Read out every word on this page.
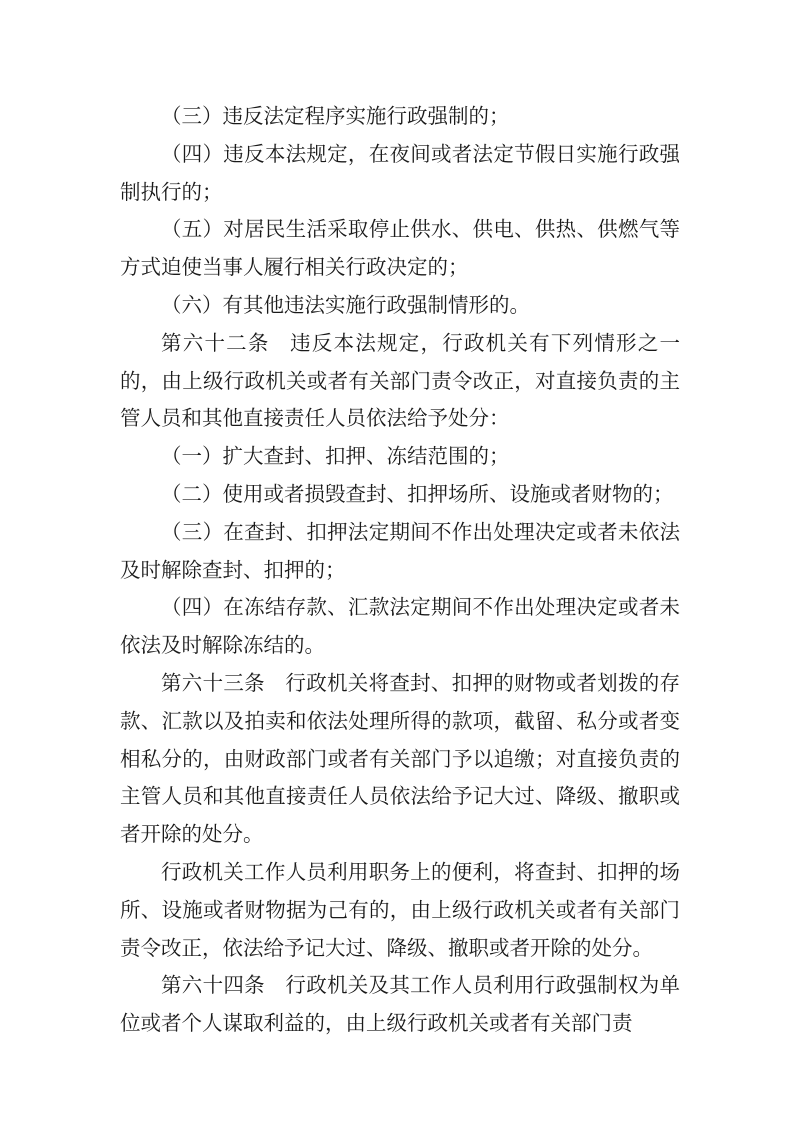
（三）违反法定程序实施行政强制的；

（四）违反本法规定，在夜间或者法定节假日实施行政强制执行的；

（五）对居民生活采取停止供水、供电、供热、供燃气等方式迫使当事人履行相关行政决定的；

（六）有其他违法实施行政强制情形的。

第六十二条 违反本法规定，行政机关有下列情形之一的，由上级行政机关或者有关部门责令改正，对直接负责的主管人员和其他直接责任人员依法给予处分：

（一）扩大查封、扣押、冻结范围的；

（二）使用或者损毁查封、扣押场所、设施或者财物的；

（三）在查封、扣押法定期间不作出处理决定或者未依法及时解除查封、扣押的；

（四）在冻结存款、汇款法定期间不作出处理决定或者未依法及时解除冻结的。

第六十三条 行政机关将查封、扣押的财物或者划拨的存款、汇款以及拍卖和依法处理所得的款项，截留、私分或者变相私分的，由财政部门或者有关部门予以追缴；对直接负责的主管人员和其他直接责任人员依法给予记大过、降级、撤职或者开除的处分。

行政机关工作人员利用职务上的便利，将查封、扣押的场所、设施或者财物据为己有的，由上级行政机关或者有关部门责令改正，依法给予记大过、降级、撤职或者开除的处分。

第六十四条 行政机关及其工作人员利用行政强制权为单位或者个人谋取利益的，由上级行政机关或者有关部门责
